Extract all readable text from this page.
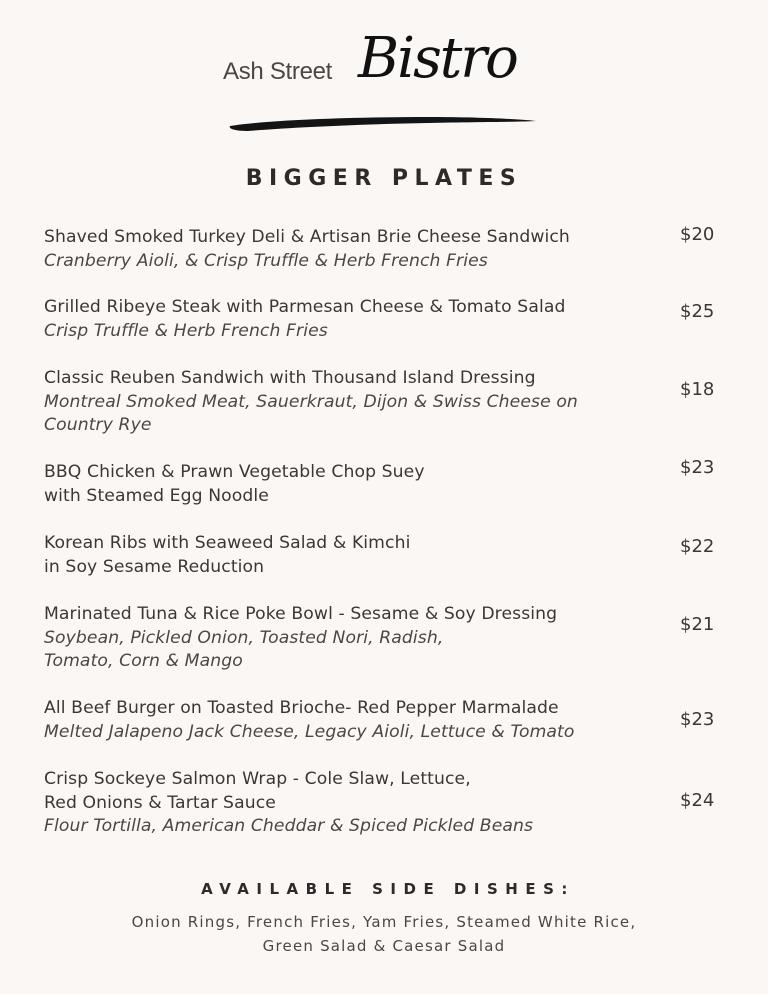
Ash Street Bistro
BIGGER PLATES
Shaved Smoked Turkey Deli & Artisan Brie Cheese Sandwich
Cranberry Aioli, & Crisp Truffle & Herb French Fries
$20
Grilled Ribeye Steak with Parmesan Cheese & Tomato Salad
Crisp Truffle & Herb French Fries
$25
Classic Reuben Sandwich with Thousand Island Dressing
Montreal Smoked Meat, Sauerkraut, Dijon & Swiss Cheese on
Country Rye
$18
BBQ Chicken & Prawn Vegetable Chop Suey
with Steamed Egg Noodle
$23
Korean Ribs with Seaweed Salad & Kimchi
in Soy Sesame Reduction
$22
Marinated Tuna & Rice Poke Bowl - Sesame & Soy Dressing
Soybean, Pickled Onion, Toasted Nori, Radish,
Tomato, Corn & Mango
$21
All Beef Burger on Toasted Brioche- Red Pepper Marmalade
Melted Jalapeno Jack Cheese, Legacy Aioli, Lettuce & Tomato
$23
Crisp Sockeye Salmon Wrap - Cole Slaw, Lettuce,
Red Onions & Tartar Sauce
Flour Tortilla, American Cheddar & Spiced Pickled Beans
$24
AVAILABLE SIDE DISHES:
Onion Rings, French Fries, Yam Fries, Steamed White Rice,
Green Salad & Caesar Salad
